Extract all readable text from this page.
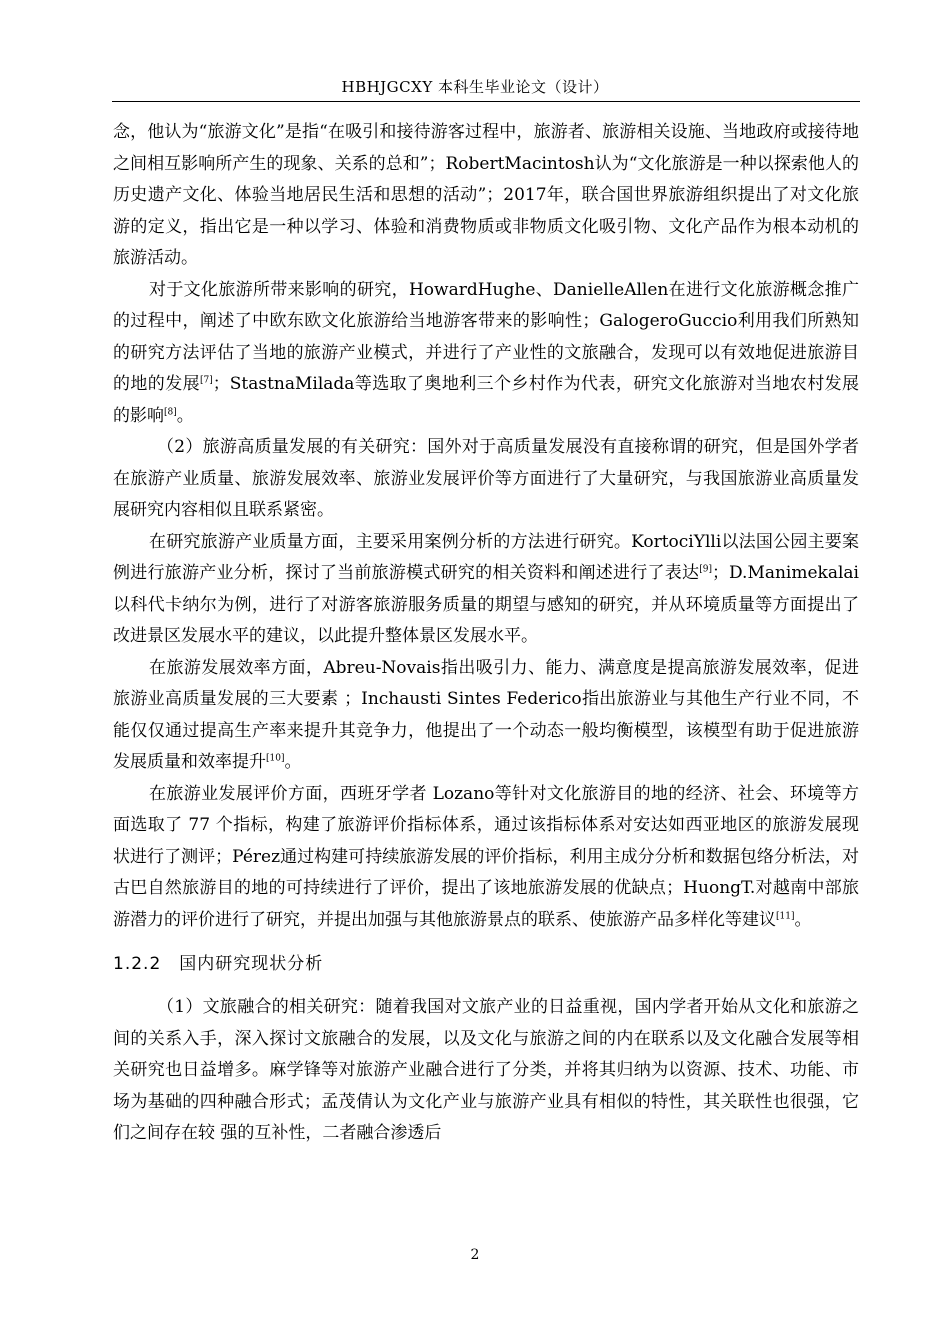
HBHJGCXY 本科生毕业论文（设计）

念，他认为“旅游文化”是指“在吸引和接待游客过程中，旅游者、旅游相关设施、当地政府或接待地之间相互影响所产生的现象、关系的总和”；RobertMacintosh认为“文化旅游是一种以探索他人的历史遗产文化、体验当地居民生活和思想的活动”；2017年，联合国世界旅游组织提出了对文化旅游的定义，指出它是一种以学习、体验和消费物质或非物质文化吸引物、文化产品作为根本动机的旅游活动。

对于文化旅游所带来影响的研究，HowardHughe、DanielleAllen在进行文化旅游概念推广的过程中，阐述了中欧东欧文化旅游给当地游客带来的影响性；GalogeroGuccio利用我们所熟知的研究方法评估了当地的旅游产业模式，并进行了产业性的文旅融合，发现可以有效地促进旅游目的地的发展[7]；StastnaMilada等选取了奥地利三个乡村作为代表，研究文化旅游对当地农村发展的影响[8]。

（2）旅游高质量发展的有关研究：国外对于高质量发展没有直接称谓的研究，但是国外学者在旅游产业质量、旅游发展效率、旅游业发展评价等方面进行了大量研究，与我国旅游业高质量发展研究内容相似且联系紧密。

在研究旅游产业质量方面，主要采用案例分析的方法进行研究。KortociYlli以法国公园主要案例进行旅游产业分析，探讨了当前旅游模式研究的相关资料和阐述进行了表达[9]；D.Manimekalai以科代卡纳尔为例，进行了对游客旅游服务质量的期望与感知的研究，并从环境质量等方面提出了改进景区发展水平的建议，以此提升整体景区发展水平。

在旅游发展效率方面，Abreu-Novais指出吸引力、能力、满意度是提高旅游发展效率，促进旅游业高质量发展的三大要素 ；Inchausti Sintes Federico指出旅游业与其他生产行业不同，不能仅仅通过提高生产率来提升其竞争力，他提出了一个动态一般均衡模型，该模型有助于促进旅游发展质量和效率提升[10]。

在旅游业发展评价方面，西班牙学者 Lozano等针对文化旅游目的地的经济、社会、环境等方面选取了 77 个指标，构建了旅游评价指标体系，通过该指标体系对安达如西亚地区的旅游发展现状进行了测评；Pérez通过构建可持续旅游发展的评价指标，利用主成分分析和数据包络分析法，对古巴自然旅游目的地的可持续进行了评价，提出了该地旅游发展的优缺点；HuongT.对越南中部旅游潜力的评价进行了研究，并提出加强与其他旅游景点的联系、使旅游产品多样化等建议[11]。

1.2.2 国内研究现状分析

（1）文旅融合的相关研究：随着我国对文旅产业的日益重视，国内学者开始从文化和旅游之间的关系入手，深入探讨文旅融合的发展，以及文化与旅游之间的内在联系以及文化融合发展等相关研究也日益增多。麻学锋等对旅游产业融合进行了分类，并将其归纳为以资源、技术、功能、市场为基础的四种融合形式；孟茂倩认为文化产业与旅游产业具有相似的特性，其关联性也很强，它们之间存在较 强的互补性，二者融合渗透后

2
